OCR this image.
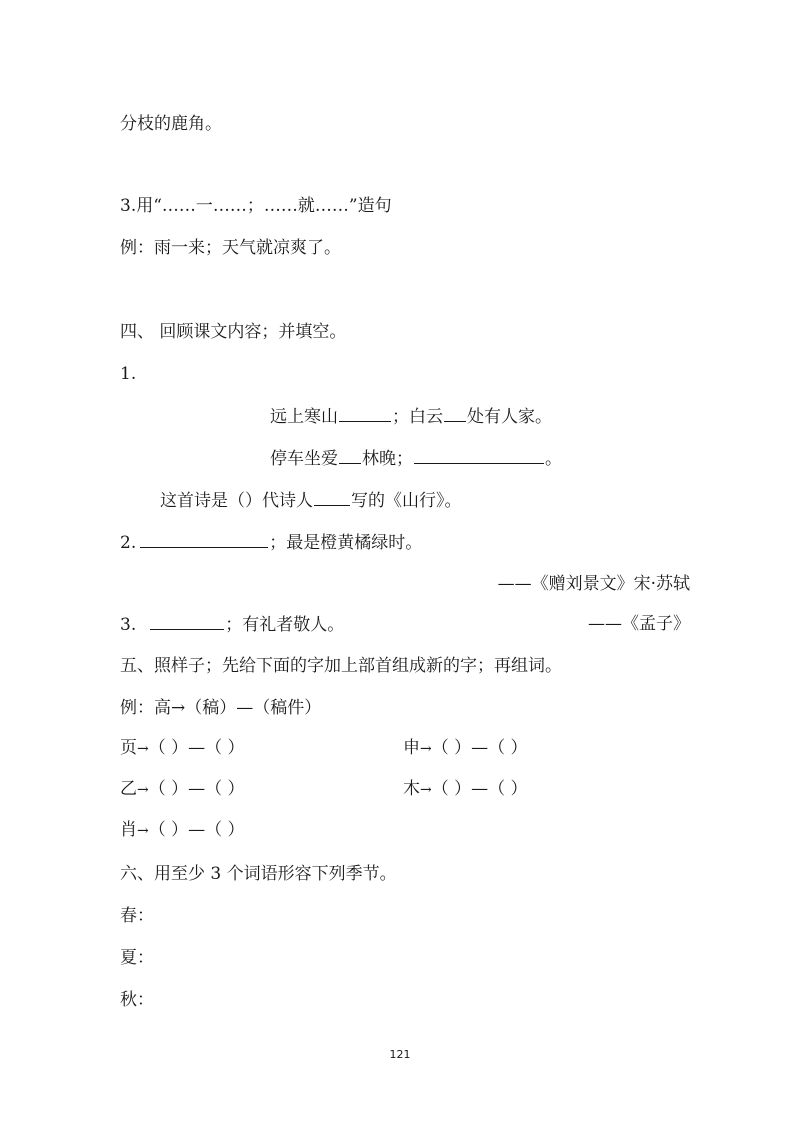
分枝的鹿角。

3.用“……一……；……就……”造句

例：雨一来；天气就凉爽了。

四、 回顾课文内容；并填空。

1.

远上寒山	；白云 处有人家。

停车坐爱 林晚；	。

这首诗是（）代诗人 写的《山行》。

2.	；最是橙黄橘绿时。

——《赠刘景文》宋·苏轼

3.	；有礼者敬人。	——《孟子》

五、照样子；先给下面的字加上部首组成新的字；再组词。

例：高→（稿）—（稿件）

页→（ ）—（ ）	申→（ ）—（ ）
乙→（ ）—（ ）	木→（ ）—（ ）
肖→（ ）—（ ）

六、用至少 3 个词语形容下列季节。

春：

夏：

秋：

121
